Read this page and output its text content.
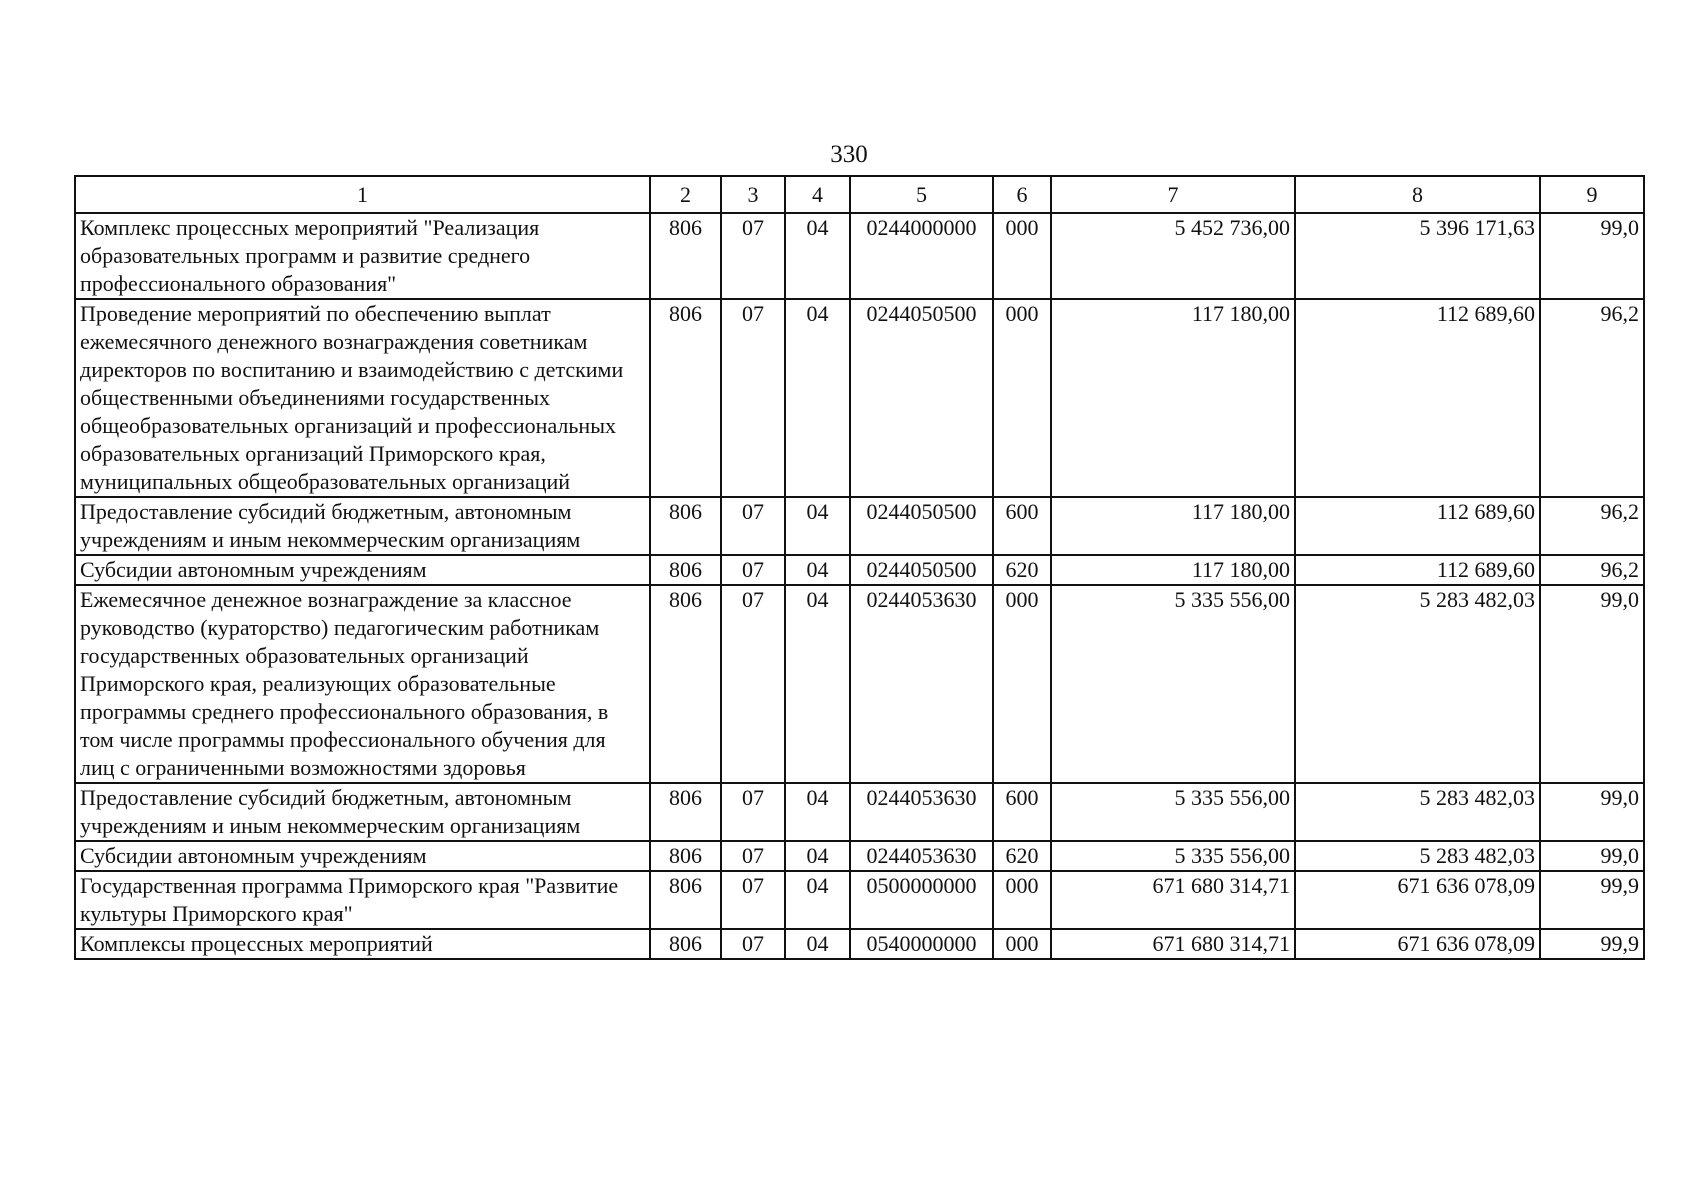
330
1	2	3	4	5	6	7	8	9
Комплекс процессных мероприятий "Реализация образовательных программ и развитие среднего профессионального образования"	806	07	04	0244000000	000	5 452 736,00	5 396 171,63	99,0
Проведение мероприятий по обеспечению выплат ежемесячного денежного вознаграждения советникам директоров по воспитанию и взаимодействию с детскими общественными объединениями государственных общеобразовательных организаций и профессиональных образовательных организаций Приморского края, муниципальных общеобразовательных организаций	806	07	04	0244050500	000	117 180,00	112 689,60	96,2
Предоставление субсидий бюджетным, автономным учреждениям и иным некоммерческим организациям	806	07	04	0244050500	600	117 180,00	112 689,60	96,2
Субсидии автономным учреждениям	806	07	04	0244050500	620	117 180,00	112 689,60	96,2
Ежемесячное денежное вознаграждение за классное руководство (кураторство) педагогическим работникам государственных образовательных организаций Приморского края, реализующих образовательные программы среднего профессионального образования, в том числе программы профессионального обучения для лиц с ограниченными возможностями здоровья	806	07	04	0244053630	000	5 335 556,00	5 283 482,03	99,0
Предоставление субсидий бюджетным, автономным учреждениям и иным некоммерческим организациям	806	07	04	0244053630	600	5 335 556,00	5 283 482,03	99,0
Субсидии автономным учреждениям	806	07	04	0244053630	620	5 335 556,00	5 283 482,03	99,0
Государственная программа Приморского края "Развитие культуры Приморского края"	806	07	04	0500000000	000	671 680 314,71	671 636 078,09	99,9
Комплексы процессных мероприятий	806	07	04	0540000000	000	671 680 314,71	671 636 078,09	99,9
